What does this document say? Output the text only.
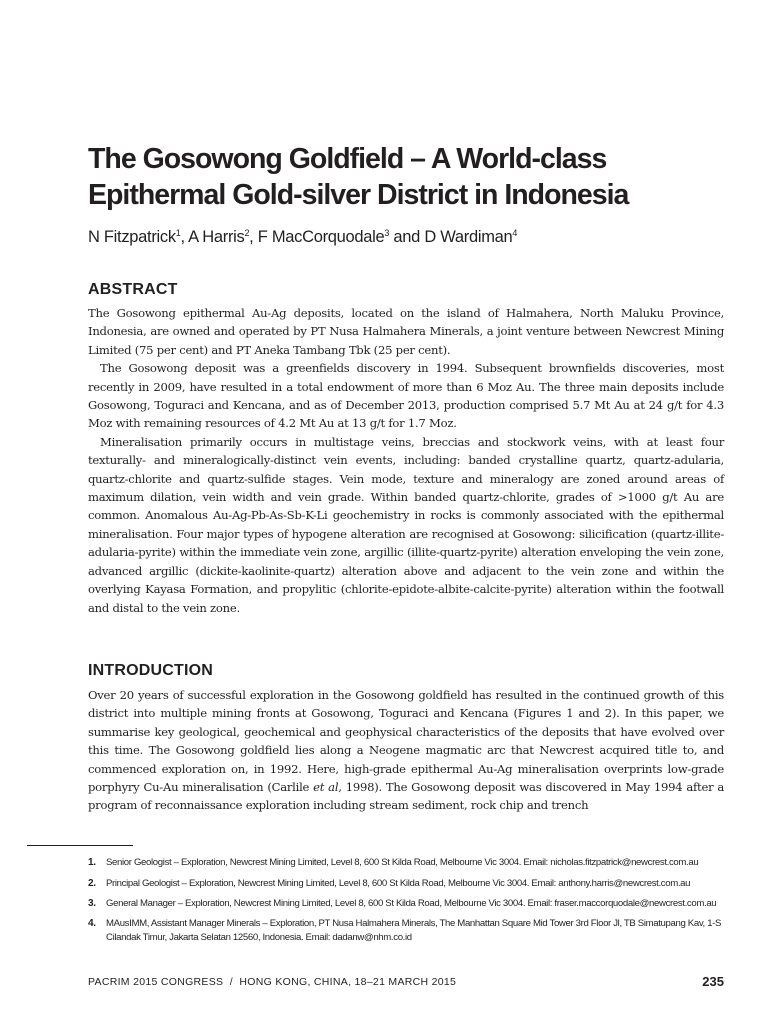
The Gosowong Goldfield – A World-class
Epithermal Gold-silver District in Indonesia
N Fitzpatrick$^1$, A Harris$^2$, F MacCorquodale$^3$ and D Wardiman$^4$
ABSTRACT

The Gosowong epithermal Au-Ag deposits, located on the island of Halmahera, North Maluku Province, Indonesia, are owned and operated by PT Nusa Halmahera Minerals, a joint venture between Newcrest Mining Limited (75 per cent) and PT Aneka Tambang Tbk (25 per cent).

The Gosowong deposit was a greenfields discovery in 1994. Subsequent brownfields discoveries, most recently in 2009, have resulted in a total endowment of more than 6 Moz Au. The three main deposits include Gosowong, Toguraci and Kencana, and as of December 2013, production comprised 5.7 Mt Au at 24 g/t for 4.3 Moz with remaining resources of 4.2 Mt Au at 13 g/t for 1.7 Moz.

Mineralisation primarily occurs in multistage veins, breccias and stockwork veins, with at least four texturally- and mineralogically-distinct vein events, including: banded crystalline quartz, quartz-adularia, quartz-chlorite and quartz-sulfide stages. Vein mode, texture and mineralogy are zoned around areas of maximum dilation, vein width and vein grade. Within banded quartz-chlorite, grades of >1000 g/t Au are common. Anomalous Au-Ag-Pb-As-Sb-K-Li geochemistry in rocks is commonly associated with the epithermal mineralisation. Four major types of hypogene alteration are recognised at Gosowong: silicification (quartz-illite-adularia-pyrite) within the immediate vein zone, argillic (illite-quartz-pyrite) alteration enveloping the vein zone, advanced argillic (dickite-kaolinite-quartz) alteration above and adjacent to the vein zone and within the overlying Kayasa Formation, and propylitic (chlorite-epidote-albite-calcite-pyrite) alteration within the footwall and distal to the vein zone.

INTRODUCTION

Over 20 years of successful exploration in the Gosowong goldfield has resulted in the continued growth of this district into multiple mining fronts at Gosowong, Toguraci and Kencana (Figures 1 and 2). In this paper, we summarise key geological, geochemical and geophysical characteristics of the deposits that have evolved over this time. The Gosowong goldfield lies along a Neogene magmatic arc that Newcrest acquired title to, and commenced exploration on, in 1992. Here, high-grade epithermal Au-Ag mineralisation overprints low-grade porphyry Cu-Au mineralisation (Carlile et al, 1998). The Gosowong deposit was discovered in May 1994 after a program of reconnaissance exploration including stream sediment, rock chip and trench

1. Senior Geologist – Exploration, Newcrest Mining Limited, Level 8, 600 St Kilda Road, Melbourne Vic 3004. Email: nicholas.fitzpatrick@newcrest.com.au
2. Principal Geologist – Exploration, Newcrest Mining Limited, Level 8, 600 St Kilda Road, Melbourne Vic 3004. Email: anthony.harris@newcrest.com.au
3. General Manager – Exploration, Newcrest Mining Limited, Level 8, 600 St Kilda Road, Melbourne Vic 3004. Email: fraser.maccorquodale@newcrest.com.au
4. MAusIMM, Assistant Manager Minerals – Exploration, PT Nusa Halmahera Minerals, The Manhattan Square Mid Tower 3rd Floor Jl, TB Simatupang Kav, 1-S Cilandak Timur, Jakarta Selatan 12560, Indonesia. Email: dadanw@nhm.co.id
PACRIM 2015 CONGRESS  /  HONG KONG, CHINA, 18–21 MARCH 2015	235
